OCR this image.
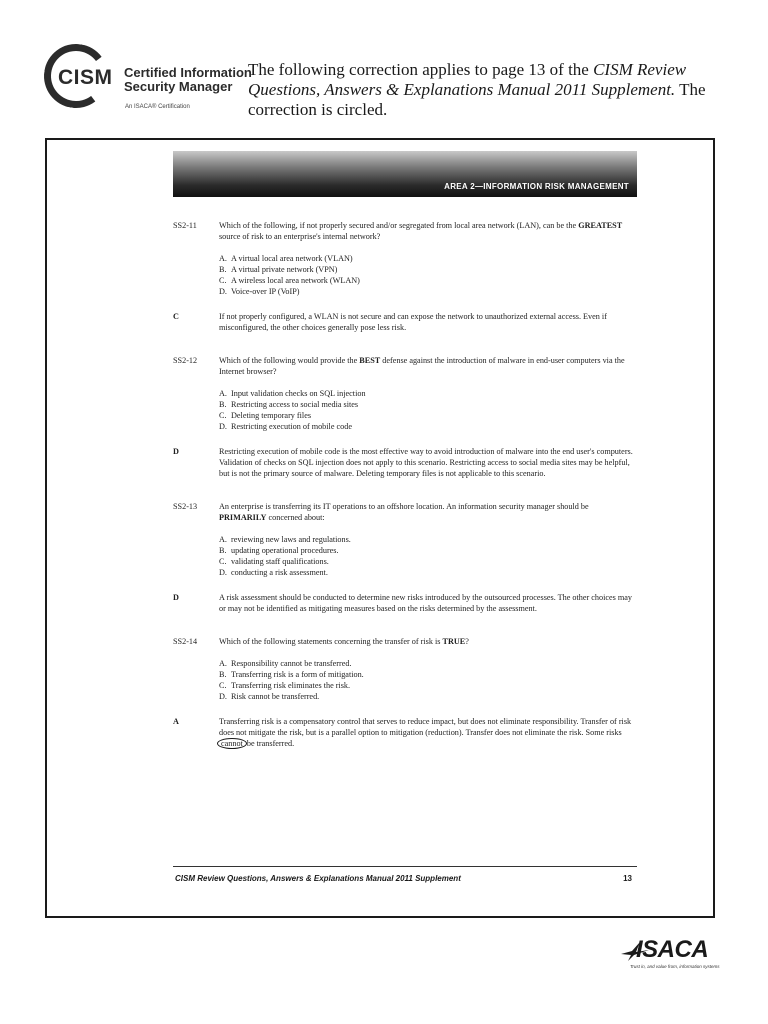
CISM Certified Information
Security Manager
An ISACA® Certification
The following correction applies to page 13 of the CISM Review Questions, Answers & Explanations Manual 2011 Supplement. The correction is circled.
AREA 2—INFORMATION RISK MANAGEMENT
SS2-11	Which of the following, if not properly secured and/or segregated from local area network (LAN), can be the GREATEST source of risk to an enterprise's internal network?
A. A virtual local area network (VLAN)
B. A virtual private network (VPN)
C. A wireless local area network (WLAN)
D. Voice-over IP (VoIP)
C	If not properly configured, a WLAN is not secure and can expose the network to unauthorized external access. Even if misconfigured, the other choices generally pose less risk.
SS2-12	Which of the following would provide the BEST defense against the introduction of malware in end-user computers via the Internet browser?
A. Input validation checks on SQL injection
B. Restricting access to social media sites
C. Deleting temporary files
D. Restricting execution of mobile code
D	Restricting execution of mobile code is the most effective way to avoid introduction of malware into the end user's computers. Validation of checks on SQL injection does not apply to this scenario. Restricting access to social media sites may be helpful, but is not the primary source of malware. Deleting temporary files is not applicable to this scenario.
SS2-13	An enterprise is transferring its IT operations to an offshore location. An information security manager should be PRIMARILY concerned about:
A. reviewing new laws and regulations.
B. updating operational procedures.
C. validating staff qualifications.
D. conducting a risk assessment.
D	A risk assessment should be conducted to determine new risks introduced by the outsourced processes. The other choices may or may not be identified as mitigating measures based on the risks determined by the assessment.
SS2-14	Which of the following statements concerning the transfer of risk is TRUE?
A. Responsibility cannot be transferred.
B. Transferring risk is a form of mitigation.
C. Transferring risk eliminates the risk.
D. Risk cannot be transferred.
A	Transferring risk is a compensatory control that serves to reduce impact, but does not eliminate responsibility. Transfer of risk does not mitigate the risk, but is a parallel option to mitigation (reduction). Transfer does not eliminate the risk. Some risks cannot be transferred.
CISM Review Questions, Answers & Explanations Manual 2011 Supplement	13
ISACA
Trust in, and value from, information systems
